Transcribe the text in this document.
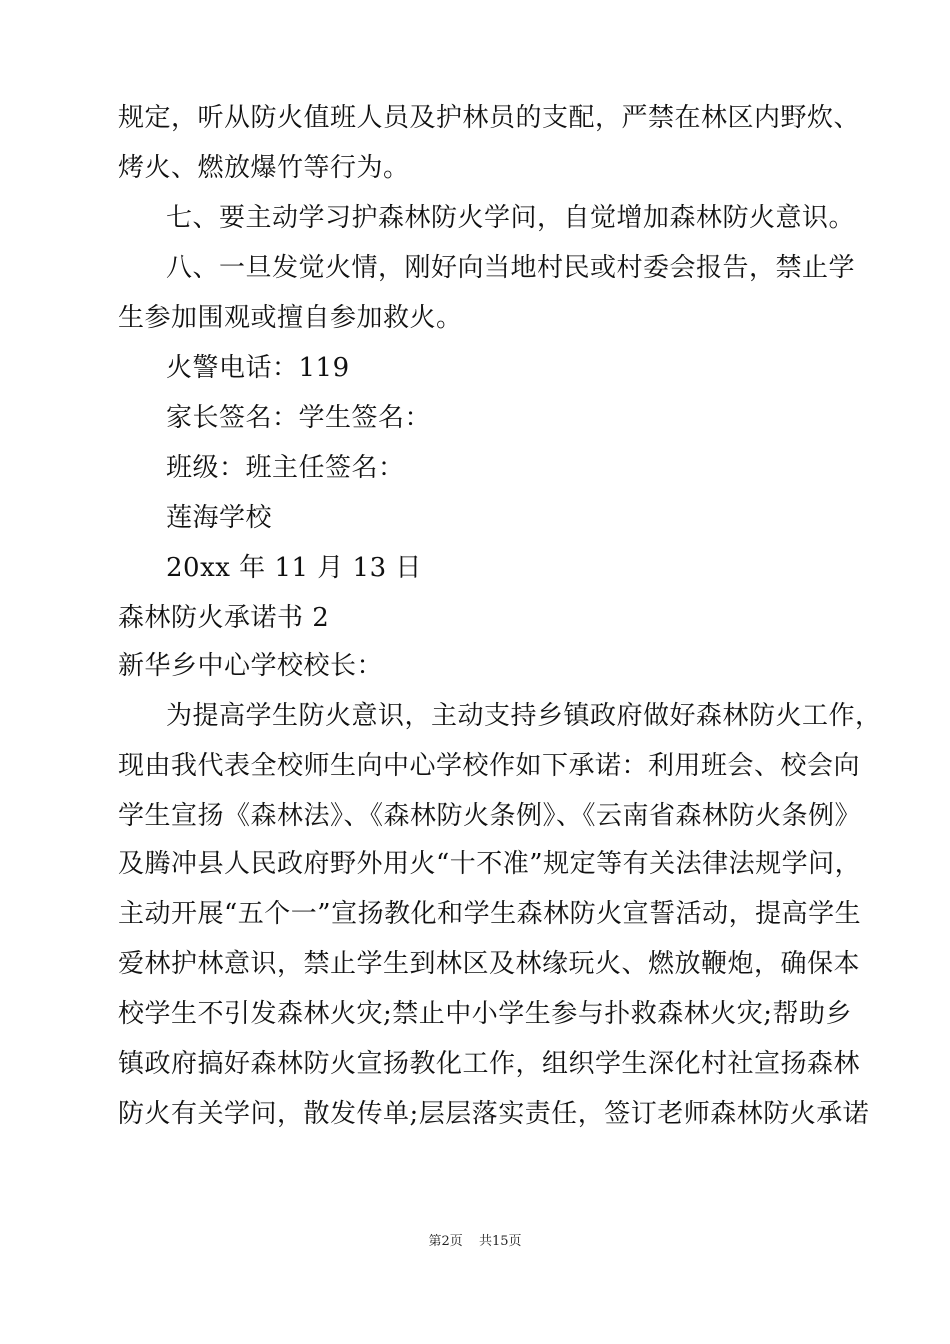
规定，听从防火值班人员及护林员的支配，严禁在林区内野炊、
烤火、燃放爆竹等行为。
七、要主动学习护森林防火学问，自觉增加森林防火意识。
八、一旦发觉火情，刚好向当地村民或村委会报告，禁止学
生参加围观或擅自参加救火。
火警电话：119
家长签名：学生签名：
班级：班主任签名：
莲海学校
20xx 年 11 月 13 日
森林防火承诺书 2
新华乡中心学校校长：
为提高学生防火意识，主动支持乡镇政府做好森林防火工作，
现由我代表全校师生向中心学校作如下承诺：利用班会、校会向
学生宣扬《森林法》、《森林防火条例》、《云南省森林防火条例》
及腾冲县人民政府野外用火“十不准”规定等有关法律法规学问，
主动开展“五个一”宣扬教化和学生森林防火宣誓活动，提高学生
爱林护林意识，禁止学生到林区及林缘玩火、燃放鞭炮，确保本
校学生不引发森林火灾;禁止中小学生参与扑救森林火灾;帮助乡
镇政府搞好森林防火宣扬教化工作，组织学生深化村社宣扬森林
防火有关学问，散发传单;层层落实责任，签订老师森林防火承诺
第2页 共15页
